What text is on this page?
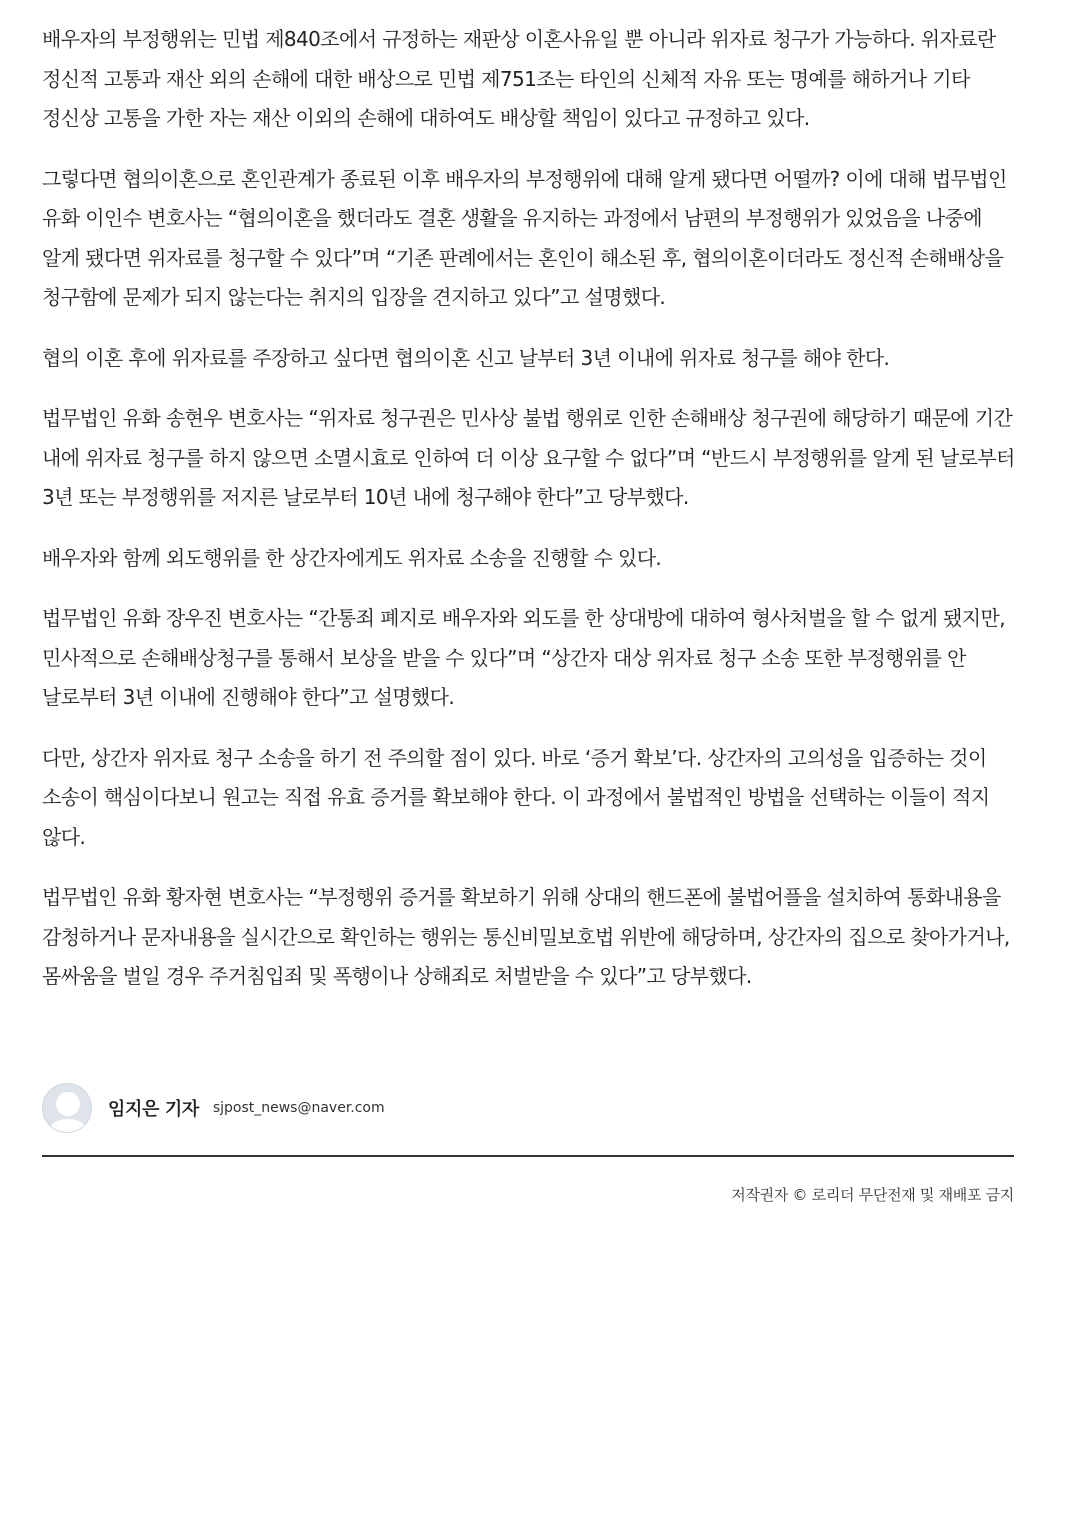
배우자의 부정행위는 민법 제840조에서 규정하는 재판상 이혼사유일 뿐 아니라 위자료 청구가 가능하다. 위자료란 정신적 고통과 재산 외의 손해에 대한 배상으로 민법 제751조는 타인의 신체적 자유 또는 명예를 해하거나 기타 정신상 고통을 가한 자는 재산 이외의 손해에 대하여도 배상할 책임이 있다고 규정하고 있다.

그렇다면 협의이혼으로 혼인관계가 종료된 이후 배우자의 부정행위에 대해 알게 됐다면 어떨까? 이에 대해 법무법인 유화 이인수 변호사는 “협의이혼을 했더라도 결혼 생활을 유지하는 과정에서 남편의 부정행위가 있었음을 나중에 알게 됐다면 위자료를 청구할 수 있다”며 “기존 판례에서는 혼인이 해소된 후, 협의이혼이더라도 정신적 손해배상을 청구함에 문제가 되지 않는다는 취지의 입장을 견지하고 있다”고 설명했다.

협의 이혼 후에 위자료를 주장하고 싶다면 협의이혼 신고 날부터 3년 이내에 위자료 청구를 해야 한다.

법무법인 유화 송현우 변호사는 “위자료 청구권은 민사상 불법 행위로 인한 손해배상 청구권에 해당하기 때문에 기간 내에 위자료 청구를 하지 않으면 소멸시효로 인하여 더 이상 요구할 수 없다”며 “반드시 부정행위를 알게 된 날로부터 3년 또는 부정행위를 저지른 날로부터 10년 내에 청구해야 한다”고 당부했다.

배우자와 함께 외도행위를 한 상간자에게도 위자료 소송을 진행할 수 있다.

법무법인 유화 장우진 변호사는 “간통죄 폐지로 배우자와 외도를 한 상대방에 대하여 형사처벌을 할 수 없게 됐지만, 민사적으로 손해배상청구를 통해서 보상을 받을 수 있다”며 “상간자 대상 위자료 청구 소송 또한 부정행위를 안 날로부터 3년 이내에 진행해야 한다”고 설명했다.

다만, 상간자 위자료 청구 소송을 하기 전 주의할 점이 있다. 바로 ‘증거 확보’다. 상간자의 고의성을 입증하는 것이 소송이 핵심이다보니 원고는 직접 유효 증거를 확보해야 한다. 이 과정에서 불법적인 방법을 선택하는 이들이 적지 않다.

법무법인 유화 황자현 변호사는 “부정행위 증거를 확보하기 위해 상대의 핸드폰에 불법어플을 설치하여 통화내용을 감청하거나 문자내용을 실시간으로 확인하는 행위는 통신비밀보호법 위반에 해당하며, 상간자의 집으로 찾아가거나, 몸싸움을 벌일 경우 주거침입죄 및 폭행이나 상해죄로 처벌받을 수 있다”고 당부했다.

임지은 기자 sjpost_news@naver.com
저작권자 © 로리더 무단전재 및 재배포 금지
